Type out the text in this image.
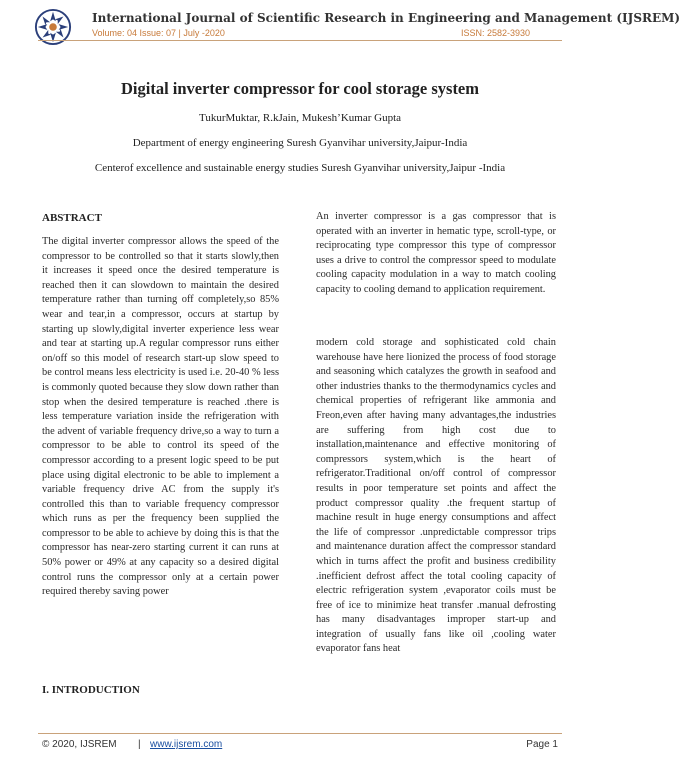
International Journal of Scientific Research in Engineering and Management (IJSREM)
Volume: 04 Issue: 07 | July -2020	ISSN: 2582-3930
Digital inverter compressor for cool storage system
TukurMuktar, R.kJain, Mukesh’Kumar Gupta
Department of energy engineering Suresh Gyanvihar university,Jaipur-India
Centerof excellence and sustainable energy studies Suresh Gyanvihar university,Jaipur -India
ABSTRACT
The digital inverter compressor allows the speed of the compressor to be controlled so that it starts slowly,then it increases it speed once the desired temperature is reached then it can slowdown to maintain the desired temperature rather than turning off completely,so 85% wear and tear,in a compressor, occurs at startup by starting up slowly,digital inverter experience less wear and tear at starting up.A regular compressor runs either on/off so this model of research start-up slow speed to be control means less electricity is used i.e. 20-40 % less is commonly quoted because they slow down rather than stop when the desired temperature is reached .there is less temperature variation inside the refrigeration with the advent of variable frequency drive,so a way to turn a compressor to be able to control its speed of the compressor according to a present logic speed to be put place using digital electronic to be able to implement a variable frequency drive AC from the supply it's controlled this than to variable frequency compressor which runs as per the frequency been supplied the compressor to be able to achieve by doing this is that the compressor has near-zero starting current it can runs at 50% power or 49% at any capacity so a desired digital control runs the compressor only at a certain power required thereby saving power
I. INTRODUCTION
An inverter compressor is a gas compressor that is operated with an inverter in hematic type, scroll-type, or reciprocating type compressor this type of compressor uses a drive to control the compressor speed to modulate cooling capacity modulation in a way to match cooling capacity to cooling demand to application requirement.
modern cold storage and sophisticated cold chain warehouse have here lionized the process of food storage and seasoning which catalyzes the growth in seafood and other industries thanks to the thermodynamics cycles and chemical properties of refrigerant like ammonia and Freon,even after having many advantages,the industries are suffering from high cost due to installation,maintenance and effective monitoring of compressors system,which is the heart of refrigerator.Traditional on/off control of compressor results in poor temperature set points and affect the product compressor quality .the frequent startup of machine result in huge energy consumptions and affect the life of compressor .unpredictable compressor trips and maintenance duration affect the compressor standard which in turns affect the profit and business credibility .inefficient defrost affect the total cooling capacity of electric refrigeration system ,evaporator coils must be free of ice to minimize heat transfer .manual defrosting has many disadvantages improper start-up and integration of usually fans like oil ,cooling water evaporator fans heat
© 2020, IJSREM | www.ijsrem.com	Page 1
